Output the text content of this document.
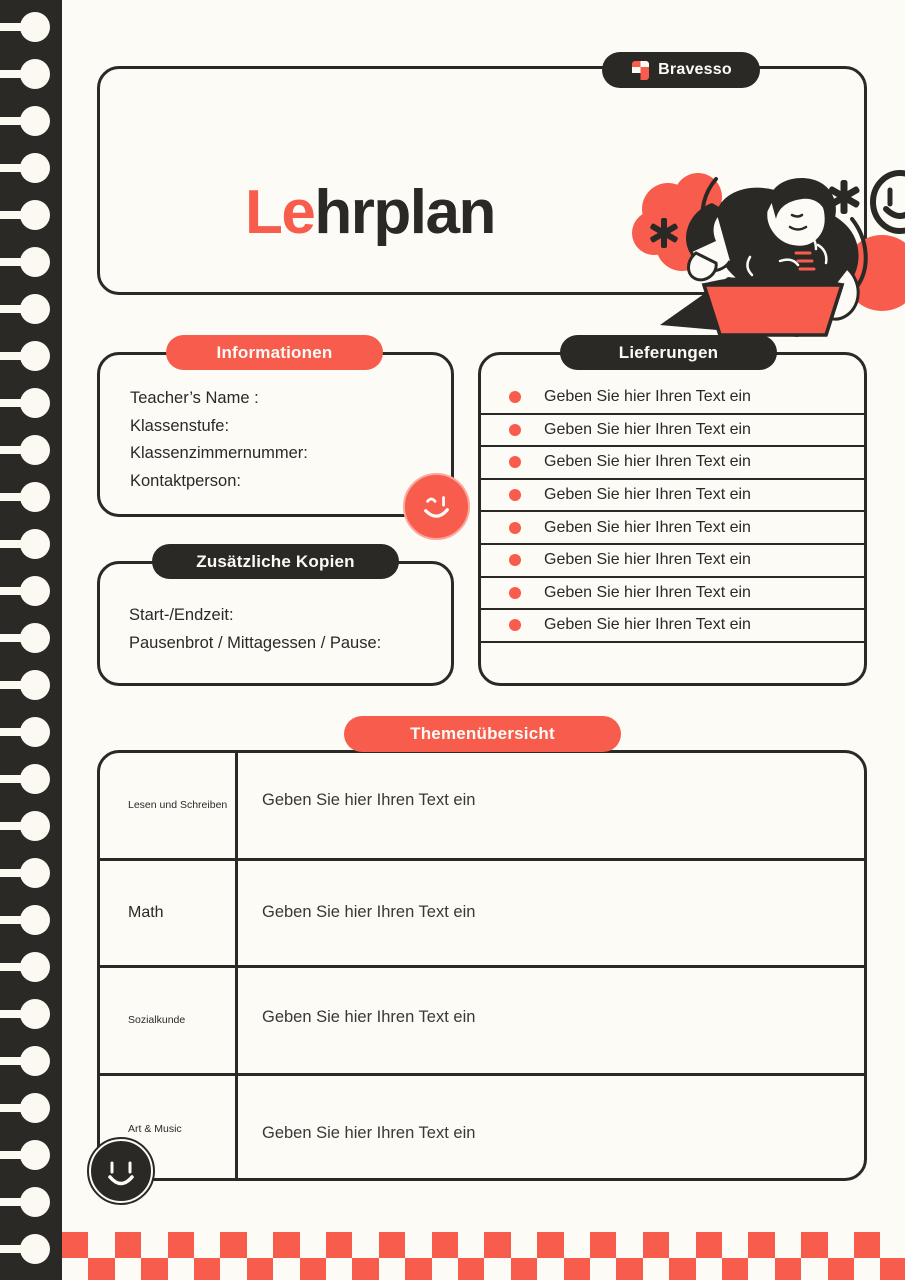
Lehrplan
Bravesso
Informationen
Teacher’s Name :
Klassenstufe:
Klassenzimmernummer:
Kontaktperson:
Zusätzliche Kopien
Start-/Endzeit:
Pausenbrot / Mittagessen / Pause:
Geben Sie hier Ihren Text ein
Geben Sie hier Ihren Text ein
Geben Sie hier Ihren Text ein
Geben Sie hier Ihren Text ein
Geben Sie hier Ihren Text ein
Geben Sie hier Ihren Text ein
Geben Sie hier Ihren Text ein
Geben Sie hier Ihren Text ein
Lieferungen
Themenübersicht
Lesen und Schreiben	Geben Sie hier Ihren Text ein
Math	Geben Sie hier Ihren Text ein
Sozialkunde	Geben Sie hier Ihren Text ein
Art & Music	Geben Sie hier Ihren Text ein
